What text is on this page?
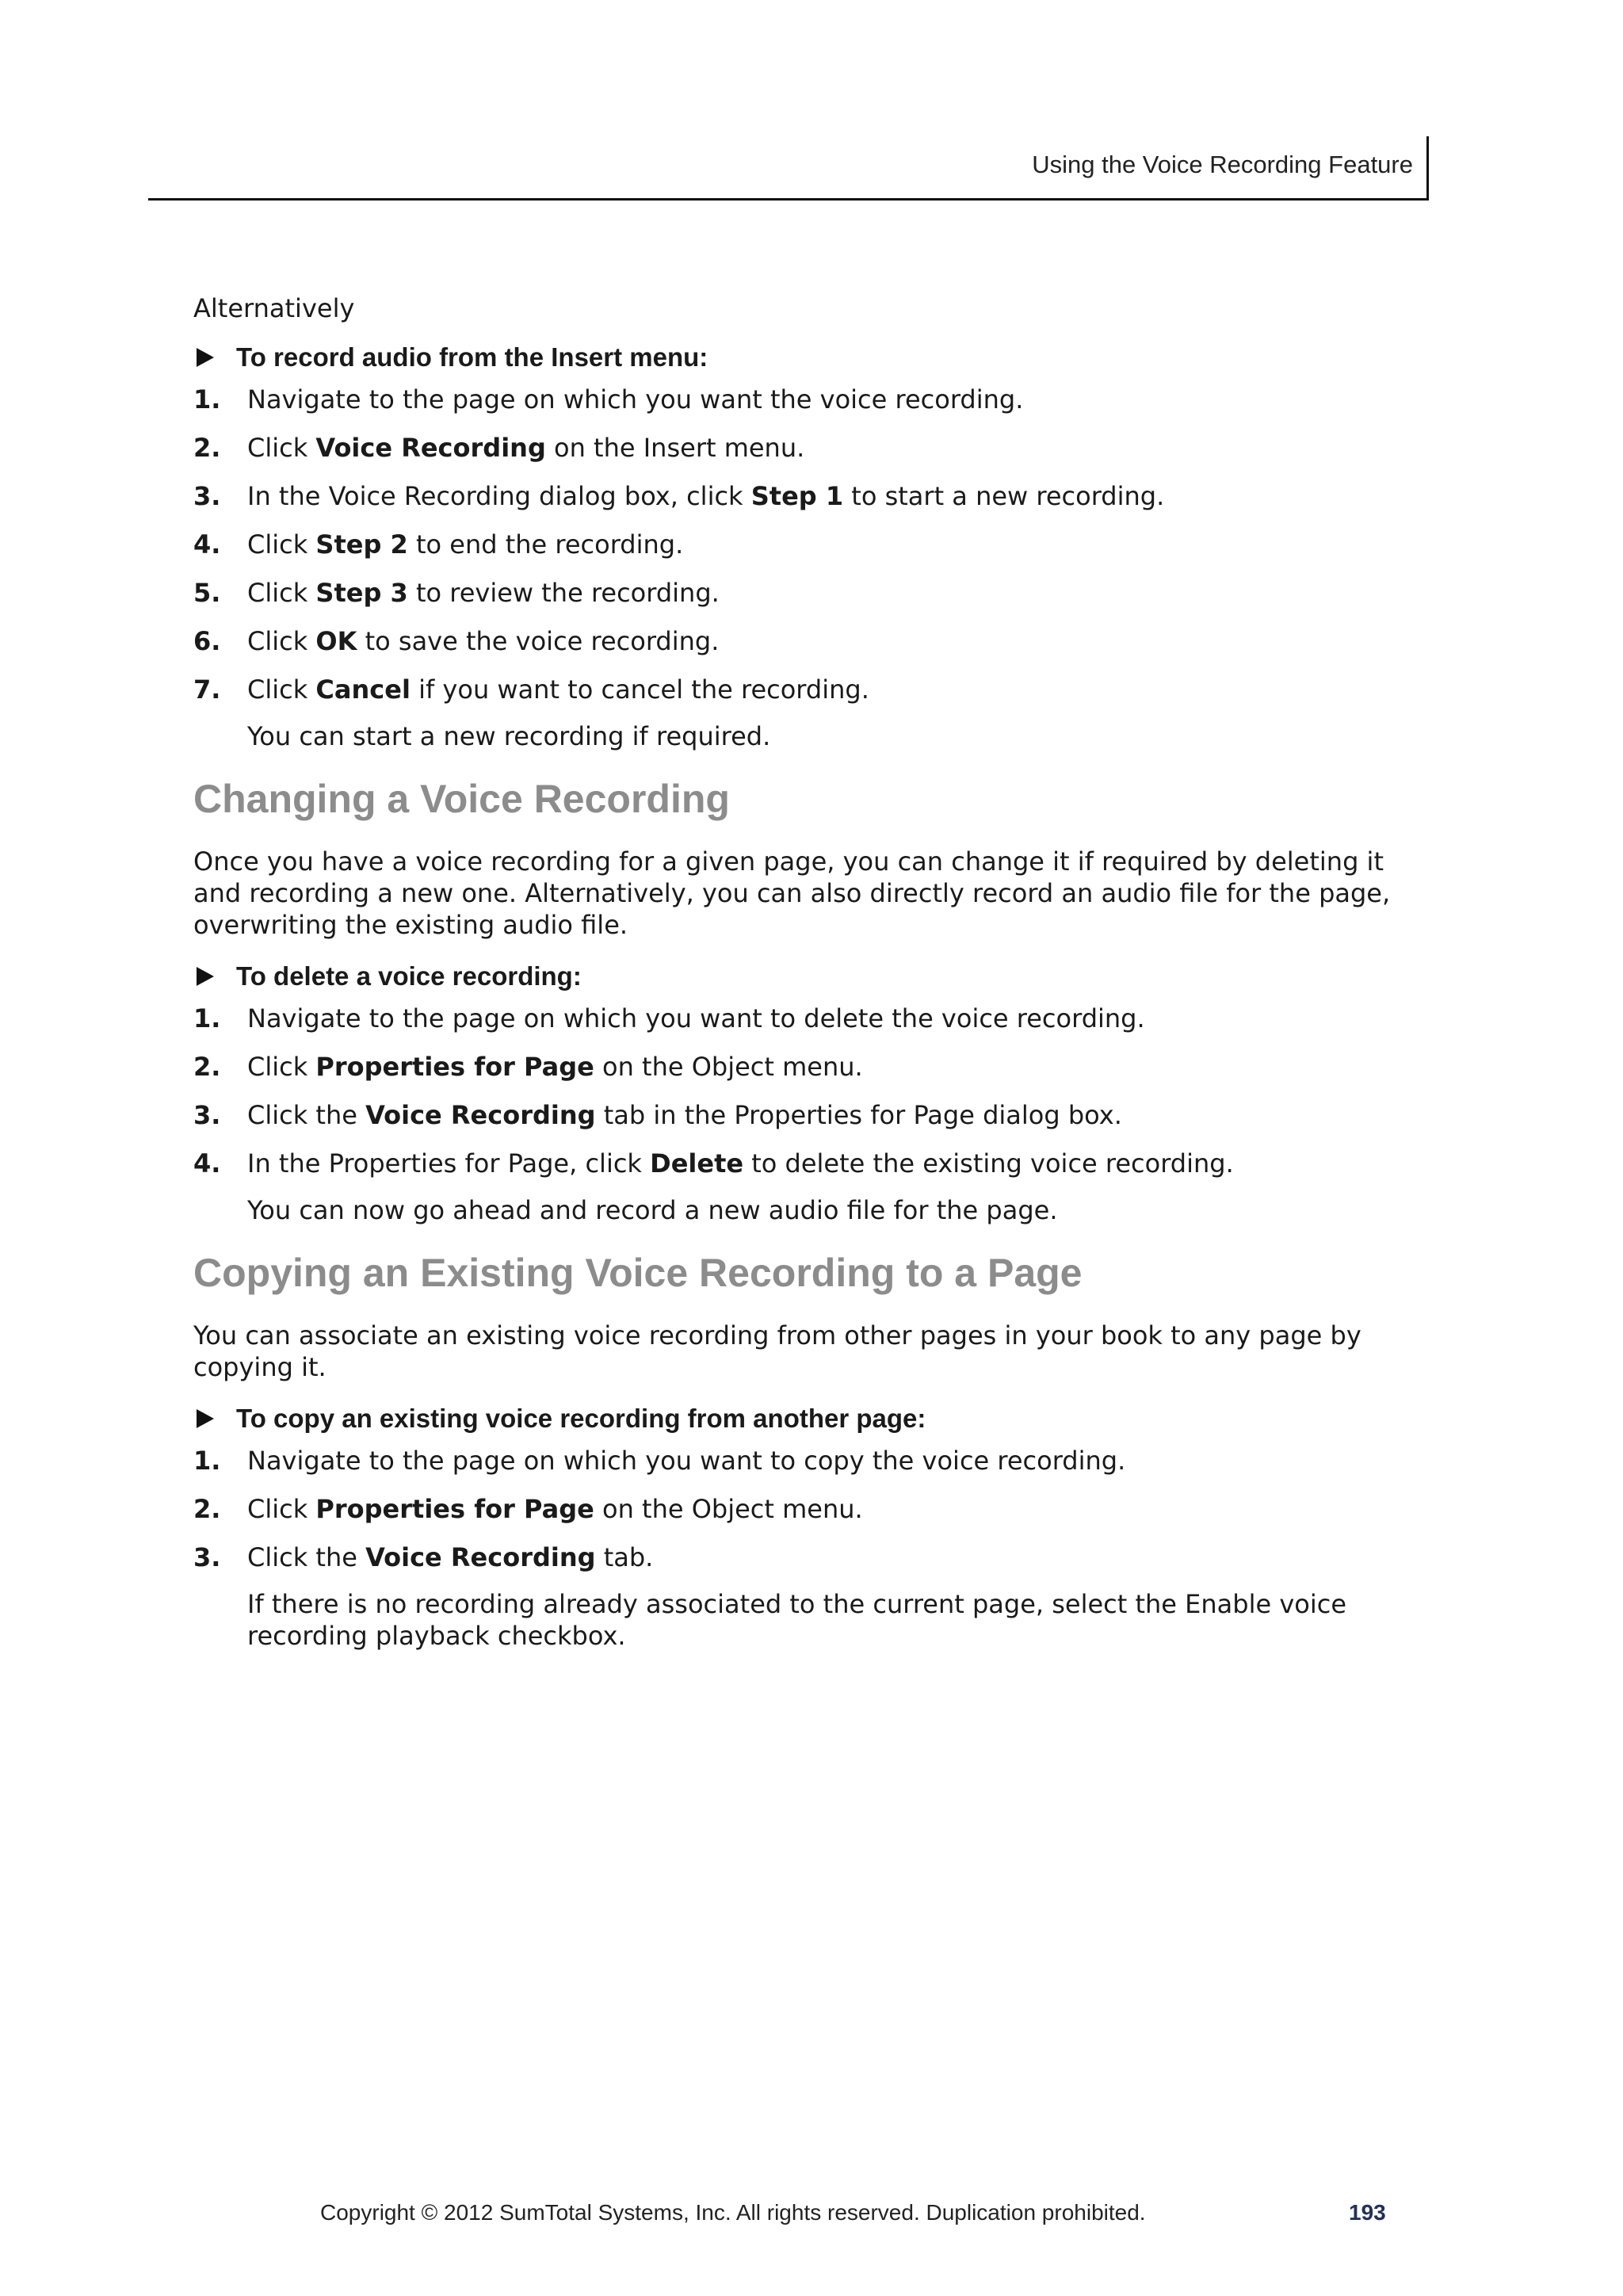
Using the Voice Recording Feature

Alternatively

To record audio from the Insert menu:
1.	Navigate to the page on which you want the voice recording.
2.	Click Voice Recording on the Insert menu.
3.	In the Voice Recording dialog box, click Step 1 to start a new recording.
4.	Click Step 2 to end the recording.
5.	Click Step 3 to review the recording.
6.	Click OK to save the voice recording.
7.	Click Cancel if you want to cancel the recording.

You can start a new recording if required.

Changing a Voice Recording

Once you have a voice recording for a given page, you can change it if required by deleting it and recording a new one. Alternatively, you can also directly record an audio file for the page, overwriting the existing audio file.

To delete a voice recording:
1.	Navigate to the page on which you want to delete the voice recording.
2.	Click Properties for Page on the Object menu.
3.	Click the Voice Recording tab in the Properties for Page dialog box.
4.	In the Properties for Page, click Delete to delete the existing voice recording.

You can now go ahead and record a new audio file for the page.

Copying an Existing Voice Recording to a Page

You can associate an existing voice recording from other pages in your book to any page by copying it.

To copy an existing voice recording from another page:
1.	Navigate to the page on which you want to copy the voice recording.
2.	Click Properties for Page on the Object menu.
3.	Click the Voice Recording tab.

If there is no recording already associated to the current page, select the Enable voice recording playback checkbox.

Copyright © 2012 SumTotal Systems, Inc. All rights reserved. Duplication prohibited.	193
